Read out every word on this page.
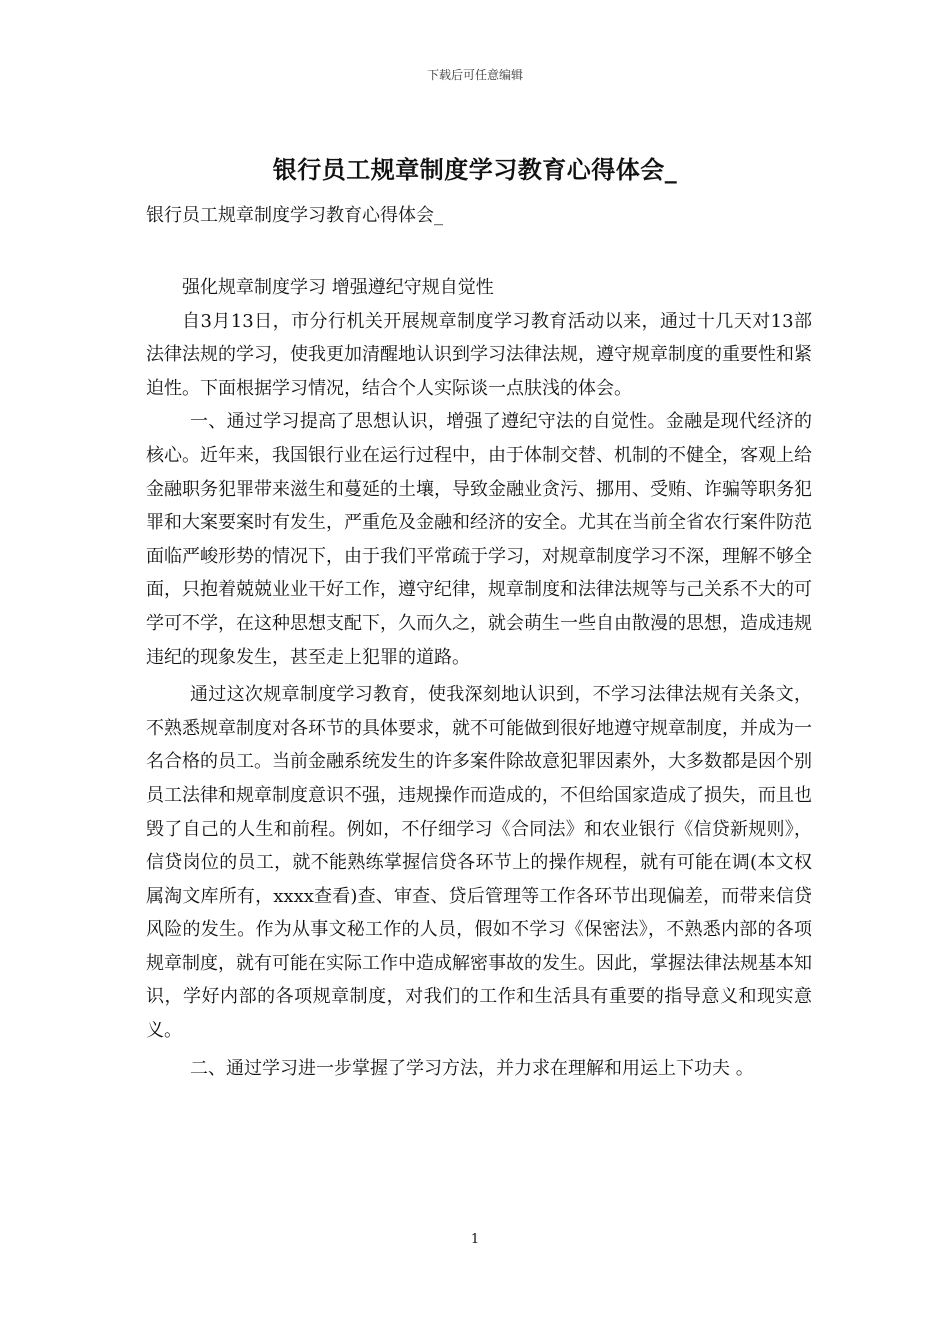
下载后可任意编辑
银行员工规章制度学习教育心得体会_
银行员工规章制度学习教育心得体会_

强化规章制度学习 增强遵纪守规自觉性

自3月13日，市分行机关开展规章制度学习教育活动以来，通过十几天对13部法律法规的学习，使我更加清醒地认识到学习法律法规，遵守规章制度的重要性和紧迫性。下面根据学习情况，结合个人实际谈一点肤浅的体会。

一、通过学习提高了思想认识，增强了遵纪守法的自觉性。金融是现代经济的核心。近年来，我国银行业在运行过程中，由于体制交替、机制的不健全，客观上给金融职务犯罪带来滋生和蔓延的土壤，导致金融业贪污、挪用、受贿、诈骗等职务犯罪和大案要案时有发生，严重危及金融和经济的安全。尤其在当前全省农行案件防范面临严峻形势的情况下，由于我们平常疏于学习，对规章制度学习不深，理解不够全面，只抱着兢兢业业干好工作，遵守纪律，规章制度和法律法规等与己关系不大的可学可不学，在这种思想支配下，久而久之，就会萌生一些自由散漫的思想，造成违规违纪的现象发生，甚至走上犯罪的道路。

通过这次规章制度学习教育，使我深刻地认识到，不学习法律法规有关条文，不熟悉规章制度对各环节的具体要求，就不可能做到很好地遵守规章制度，并成为一名合格的员工。当前金融系统发生的许多案件除故意犯罪因素外，大多数都是因个别员工法律和规章制度意识不强，违规操作而造成的，不但给国家造成了损失，而且也毁了自己的人生和前程。例如，不仔细学习《合同法》和农业银行《信贷新规则》，信贷岗位的员工，就不能熟练掌握信贷各环节上的操作规程，就有可能在调(本文权属淘文库所有，xxxx查看)查、审查、贷后管理等工作各环节出现偏差，而带来信贷风险的发生。作为从事文秘工作的人员，假如不学习《保密法》，不熟悉内部的各项规章制度，就有可能在实际工作中造成解密事故的发生。因此，掌握法律法规基本知识，学好内部的各项规章制度，对我们的工作和生活具有重要的指导意义和现实意义。

二、通过学习进一步掌握了学习方法，并力求在理解和用运上下功夫 。

1
